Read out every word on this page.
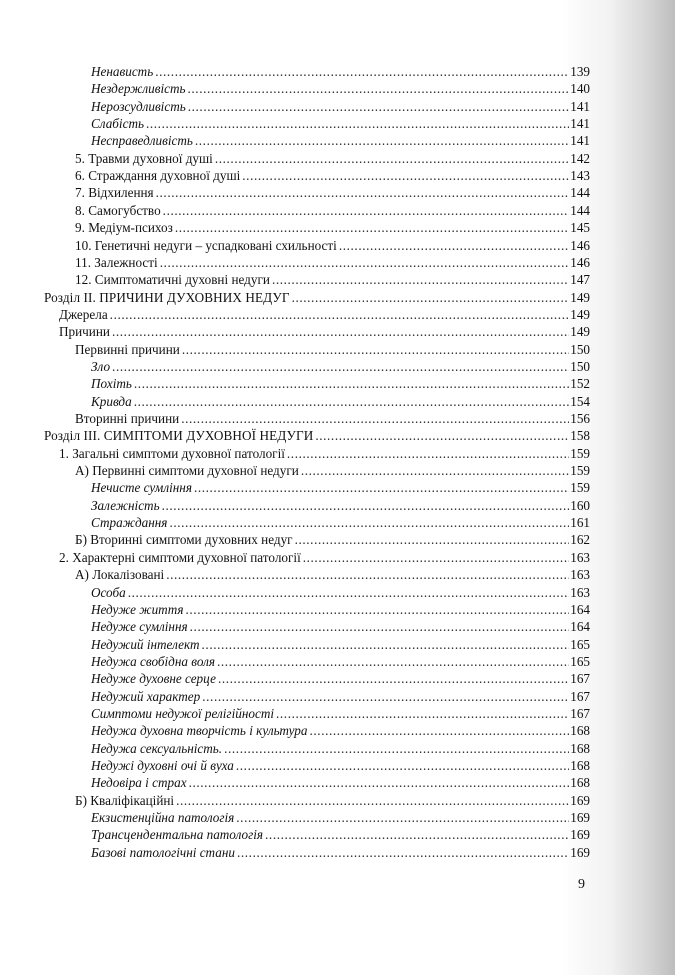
Ненависть .....	139
Нездержливість .....	140
Нерозсудливість .....	141
Слабість .....	141
Несправедливість .....	141
5. Травми духовної душі .....	142
6. Страждання духовної душі .....	143
7. Відхилення .....	144
8. Самогубство .....	144
9. Медіум-психоз .....	145
10. Генетичні недуги – успадковані схильності .....	146
11. Залежності .....	146
12. Симптоматичні духовні недуги .....	147
Розділ ІІ. ПРИЧИНИ ДУХОВНИХ НЕДУГ .....	149
Джерела .....	149
Причини .....	149
Первинні причини .....	150
Зло .....	150
Похіть .....	152
Кривда .....	154
Вторинні причини .....	156
Розділ ІІІ. СИМПТОМИ ДУХОВНОЇ НЕДУГИ .....	158
1. Загальні симптоми духовної патології .....	159
А) Первинні симптоми духовної недуги .....	159
Нечисте сумління .....	159
Залежність .....	160
Страждання .....	161
Б) Вторинні симптоми духовних недуг .....	162
2. Характерні симптоми духовної патології .....	163
А) Локалізовані .....	163
Особа .....	163
Недуже життя .....	164
Недуже сумління .....	164
Недужий інтелект .....	165
Недужа свобідна воля .....	165
Недуже духовне серце .....	167
Недужий характер .....	167
Симптоми недужої релігійності .....	167
Недужа духовна творчість і культура .....	168
Недужа сексуальність. .....	168
Недужі духовні очі й вуха .....	168
Недовіра і страх .....	168
Б) Кваліфікаційні .....	169
Екзистенційна патологія .....	169
Трансцендентальна патологія .....	169
Базові патологічні стани .....	169
9
